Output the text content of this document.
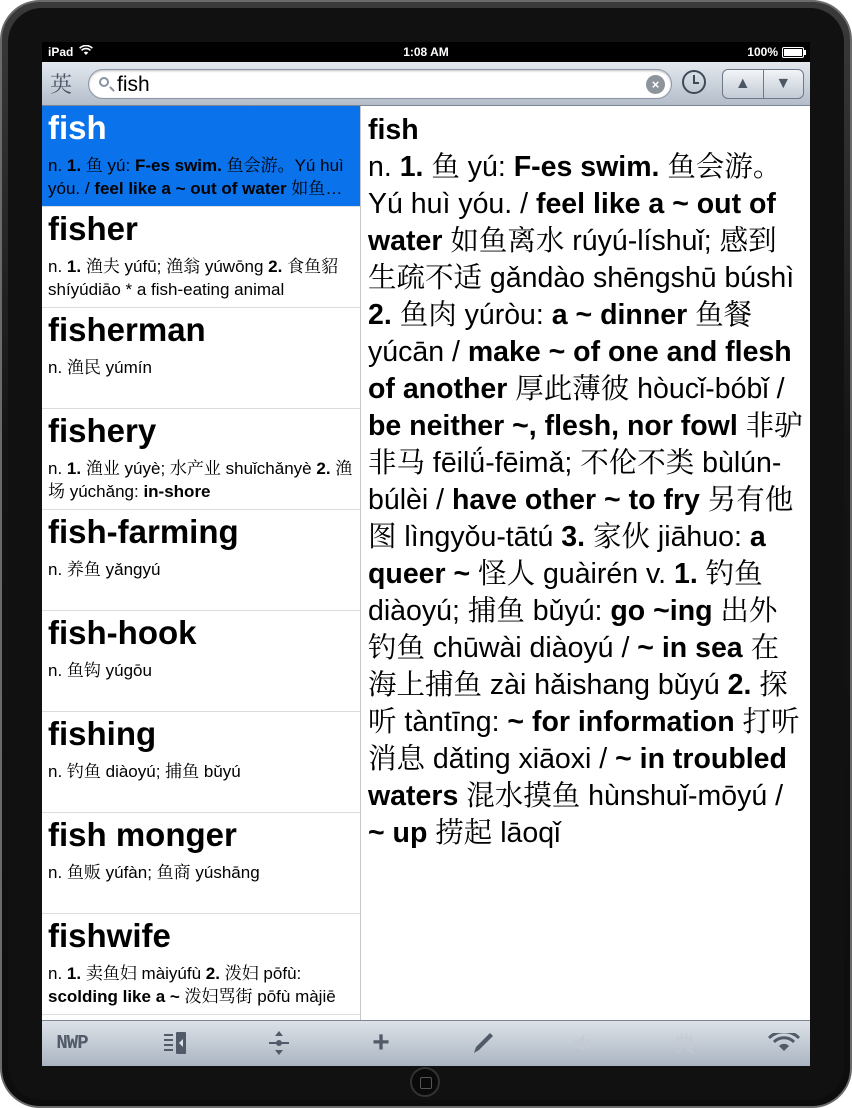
iPad	1:08 AM	100%
英
fish	×	▲	▼
fish
n. 1. 鱼 yú: F-es swim. 鱼会游。Yú huì yóu. / feel like a ~ out of water 如鱼离
fisher
n. 1. 渔夫 yúfū; 渔翁 yúwōng 2. 食鱼貂 shíyúdiāo * a fish-eating animal
fisherman
n. 渔民 yúmín
fishery
n. 1. 渔业 yúyè; 水产业 shuǐchǎnyè 2. 渔场 yúchǎng: in-shore
fish-farming
n. 养鱼 yǎngyú
fish-hook
n. 鱼钩 yúgōu
fishing
n. 钓鱼 diàoyú; 捕鱼 bǔyú
fish monger
n. 鱼贩 yúfàn; 鱼商 yúshāng
fishwife
n. 1. 卖鱼妇 màiyúfù 2. 泼妇 pōfù: scolding like a ~ 泼妇骂街 pōfù màjiē
fish
n. 1. 鱼 yú: F-es swim. 鱼会游。 Yú huì yóu. / feel like a ~ out of water 如鱼离水 rúyú-líshuǐ; 感到生疏不适 gǎndào shēngshū búshì 2. 鱼肉 yúròu: a ~ dinner 鱼餐 yúcān / make ~ of one and flesh of another 厚此薄彼 hòucǐ-bóbǐ / be neither ~, flesh, nor fowl 非驴非马 fēilǘ-fēimǎ; 不伦不类 bùlún-búlèi / have other ~ to fry 另有他图 lìngyǒu-tātú 3. 家伙 jiāhuo: a queer ~ 怪人 guàirén v. 1. 钓鱼 diàoyú; 捕鱼 bǔyú: go ~ing 出外钓鱼 chūwài diàoyú / ~ in sea 在海上捕鱼 zài hǎishang bǔyú 2. 探听 tàntīng: ~ for information 打听消息 dǎting xiāoxi / ~ in troubled waters 混水摸鱼 hùnshuǐ-mōyú / ~ up 捞起 lāoqǐ
NWP	+	典
